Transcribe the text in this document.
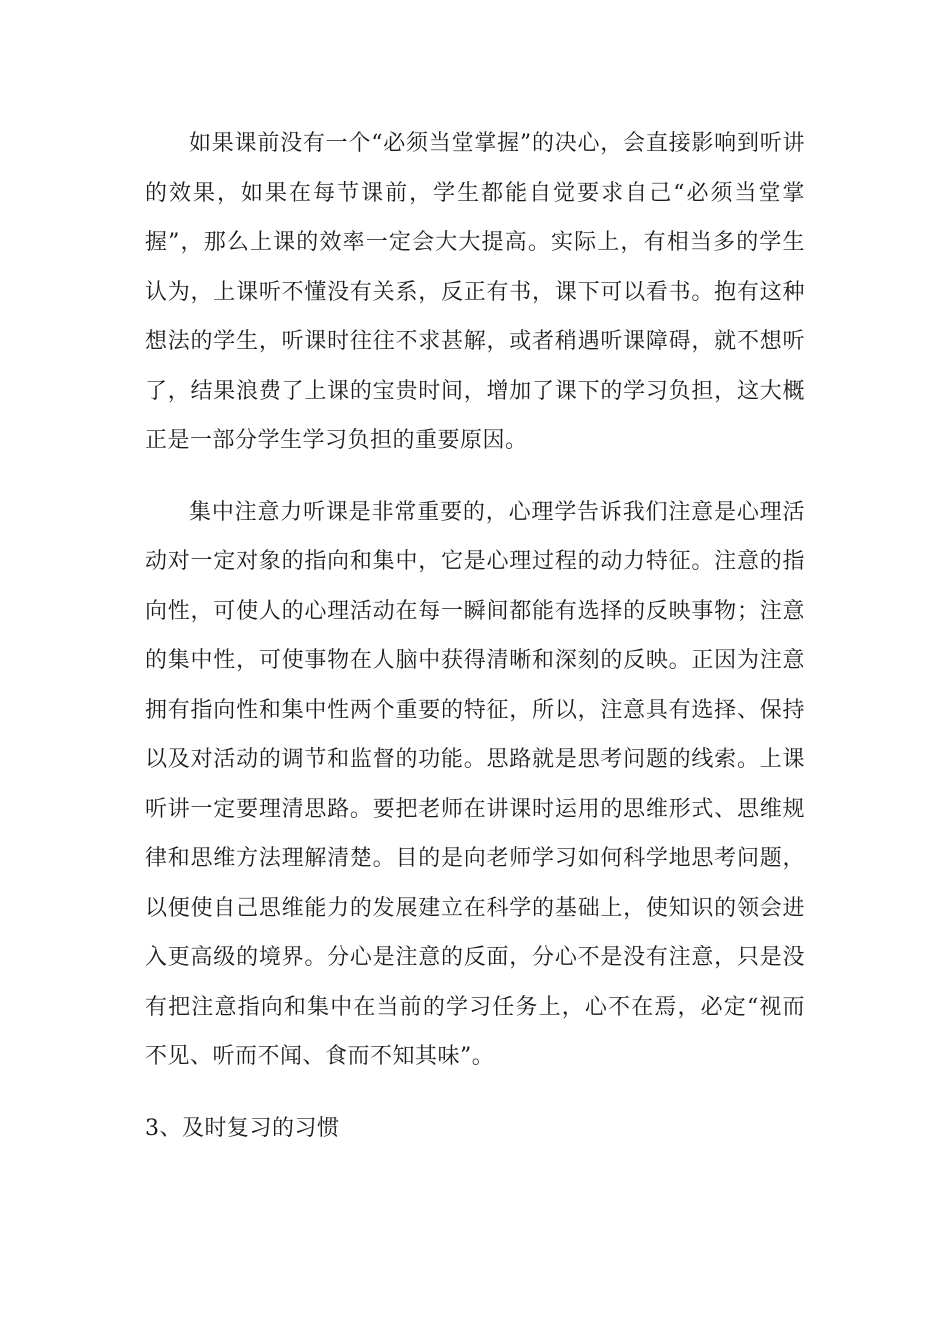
如果课前没有一个“必须当堂掌握”的决心，会直接影响到听讲的效果，如果在每节课前，学生都能自觉要求自己“必须当堂掌握”，那么上课的效率一定会大大提高。实际上，有相当多的学生认为，上课听不懂没有关系，反正有书，课下可以看书。抱有这种想法的学生，听课时往往不求甚解，或者稍遇听课障碍，就不想听了，结果浪费了上课的宝贵时间，增加了课下的学习负担，这大概正是一部分学生学习负担的重要原因。

集中注意力听课是非常重要的，心理学告诉我们注意是心理活动对一定对象的指向和集中，它是心理过程的动力特征。注意的指向性，可使人的心理活动在每一瞬间都能有选择的反映事物；注意的集中性，可使事物在人脑中获得清晰和深刻的反映。正因为注意拥有指向性和集中性两个重要的特征，所以，注意具有选择、保持以及对活动的调节和监督的功能。思路就是思考问题的线索。上课听讲一定要理清思路。要把老师在讲课时运用的思维形式、思维规律和思维方法理解清楚。目的是向老师学习如何科学地思考问题，以便使自己思维能力的发展建立在科学的基础上，使知识的领会进入更高级的境界。分心是注意的反面，分心不是没有注意，只是没有把注意指向和集中在当前的学习任务上，心不在焉，必定“视而不见、听而不闻、食而不知其味”。

3、及时复习的习惯
